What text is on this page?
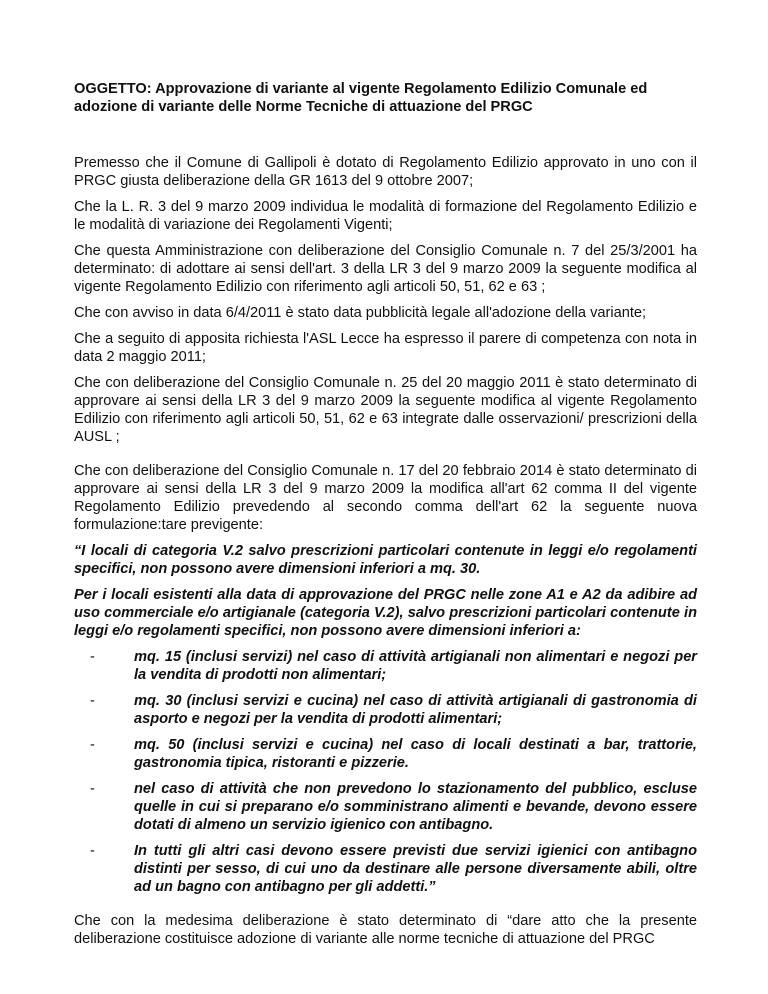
OGGETTO: Approvazione di variante al vigente Regolamento Edilizio Comunale ed adozione di variante delle Norme Tecniche di attuazione del PRGC

Premesso che il Comune di Gallipoli è dotato di Regolamento Edilizio approvato in uno con il PRGC giusta deliberazione della GR 1613 del 9 ottobre 2007;

Che la L. R. 3 del 9 marzo 2009 individua le modalità di formazione del Regolamento Edilizio e le modalità di variazione dei Regolamenti Vigenti;

Che questa Amministrazione con deliberazione del Consiglio Comunale n. 7 del 25/3/2001 ha determinato: di adottare ai sensi dell'art. 3 della LR 3 del 9 marzo 2009 la seguente modifica al vigente Regolamento Edilizio con riferimento agli articoli 50, 51, 62 e 63 ;

Che con avviso in data 6/4/2011 è stato data pubblicità legale all'adozione della variante;

Che a seguito di apposita richiesta l'ASL Lecce ha espresso il parere di competenza con nota in data 2 maggio 2011;

Che con deliberazione del Consiglio Comunale n. 25 del 20 maggio 2011 è stato determinato di approvare ai sensi della LR 3 del 9 marzo 2009 la seguente modifica al vigente Regolamento Edilizio con riferimento agli articoli 50, 51, 62 e 63 integrate dalle osservazioni/ prescrizioni della AUSL ;

Che con deliberazione del Consiglio Comunale n. 17 del 20 febbraio 2014 è stato determinato di approvare ai sensi della LR 3 del 9 marzo 2009 la modifica all'art 62 comma II del vigente Regolamento Edilizio prevedendo al secondo comma dell'art 62 la seguente nuova formulazione:tare previgente:

“I locali di categoria V.2 salvo prescrizioni particolari contenute in leggi e/o regolamenti specifici, non possono avere dimensioni inferiori a mq. 30.

Per i locali esistenti alla data di approvazione del PRGC nelle zone A1 e A2 da adibire ad uso commerciale e/o artigianale (categoria V.2), salvo prescrizioni particolari contenute in leggi e/o regolamenti specifici, non possono avere dimensioni inferiori a:

-	mq. 15 (inclusi servizi) nel caso di attività artigianali non alimentari e negozi per la vendita di prodotti non alimentari;
-	mq. 30 (inclusi servizi e cucina) nel caso di attività artigianali di gastronomia di asporto e negozi per la vendita di prodotti alimentari;
-	mq. 50 (inclusi servizi e cucina) nel caso di locali destinati a bar, trattorie, gastronomia tipica, ristoranti e pizzerie.
-	nel caso di attività che non prevedono lo stazionamento del pubblico, escluse quelle in cui si preparano e/o somministrano alimenti e bevande, devono essere dotati di almeno un servizio igienico con antibagno.
-	In tutti gli altri casi devono essere previsti due servizi igienici con antibagno distinti per sesso, di cui uno da destinare alle persone diversamente abili, oltre ad un bagno con antibagno per gli addetti.”

Che con la medesima deliberazione è stato determinato di “dare atto che la presente deliberazione costituisce adozione di variante alle norme tecniche di attuazione del PRGC
